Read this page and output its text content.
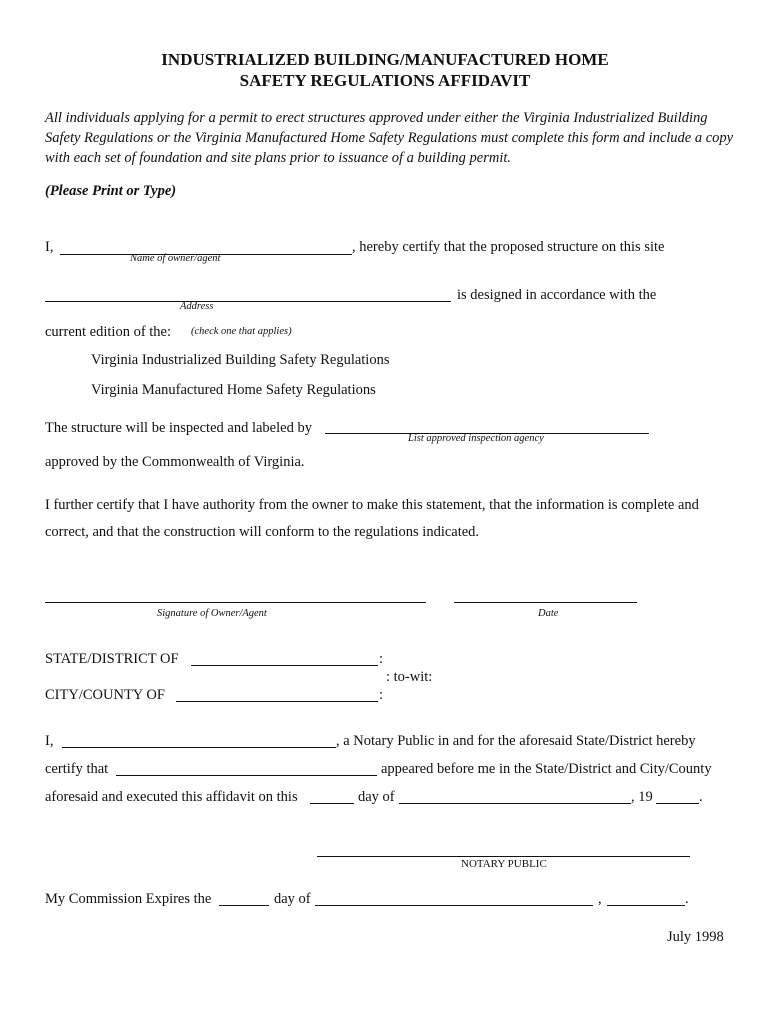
INDUSTRIALIZED BUILDING/MANUFACTURED HOME
SAFETY REGULATIONS AFFIDAVIT
All individuals applying for a permit to erect structures approved under either the Virginia Industrialized Building Safety Regulations or the Virginia Manufactured Home Safety Regulations must complete this form and include a copy with each set of foundation and site plans prior to issuance of a building permit.
(Please Print or Type)
I,	, hereby certify that the proposed structure on this site
Name of owner/agent
is designed in accordance with the
Address
current edition of the: (check one that applies)
Virginia Industrialized Building Safety Regulations
Virginia Manufactured Home Safety Regulations
The structure will be inspected and labeled by
List approved inspection agency
approved by the Commonwealth of Virginia.
I further certify that I have authority from the owner to make this statement, that the information is complete and
correct, and that the construction will conform to the regulations indicated.
Signature of Owner/Agent	Date
STATE/DISTRICT OF	:
: to-wit:
CITY/COUNTY OF	:
I,	, a Notary Public in and for the aforesaid State/District hereby
certify that	appeared before me in the State/District and City/County
aforesaid and executed this affidavit on this	day of	, 19	.
NOTARY PUBLIC
My Commission Expires the	day of	,	.
July 1998
